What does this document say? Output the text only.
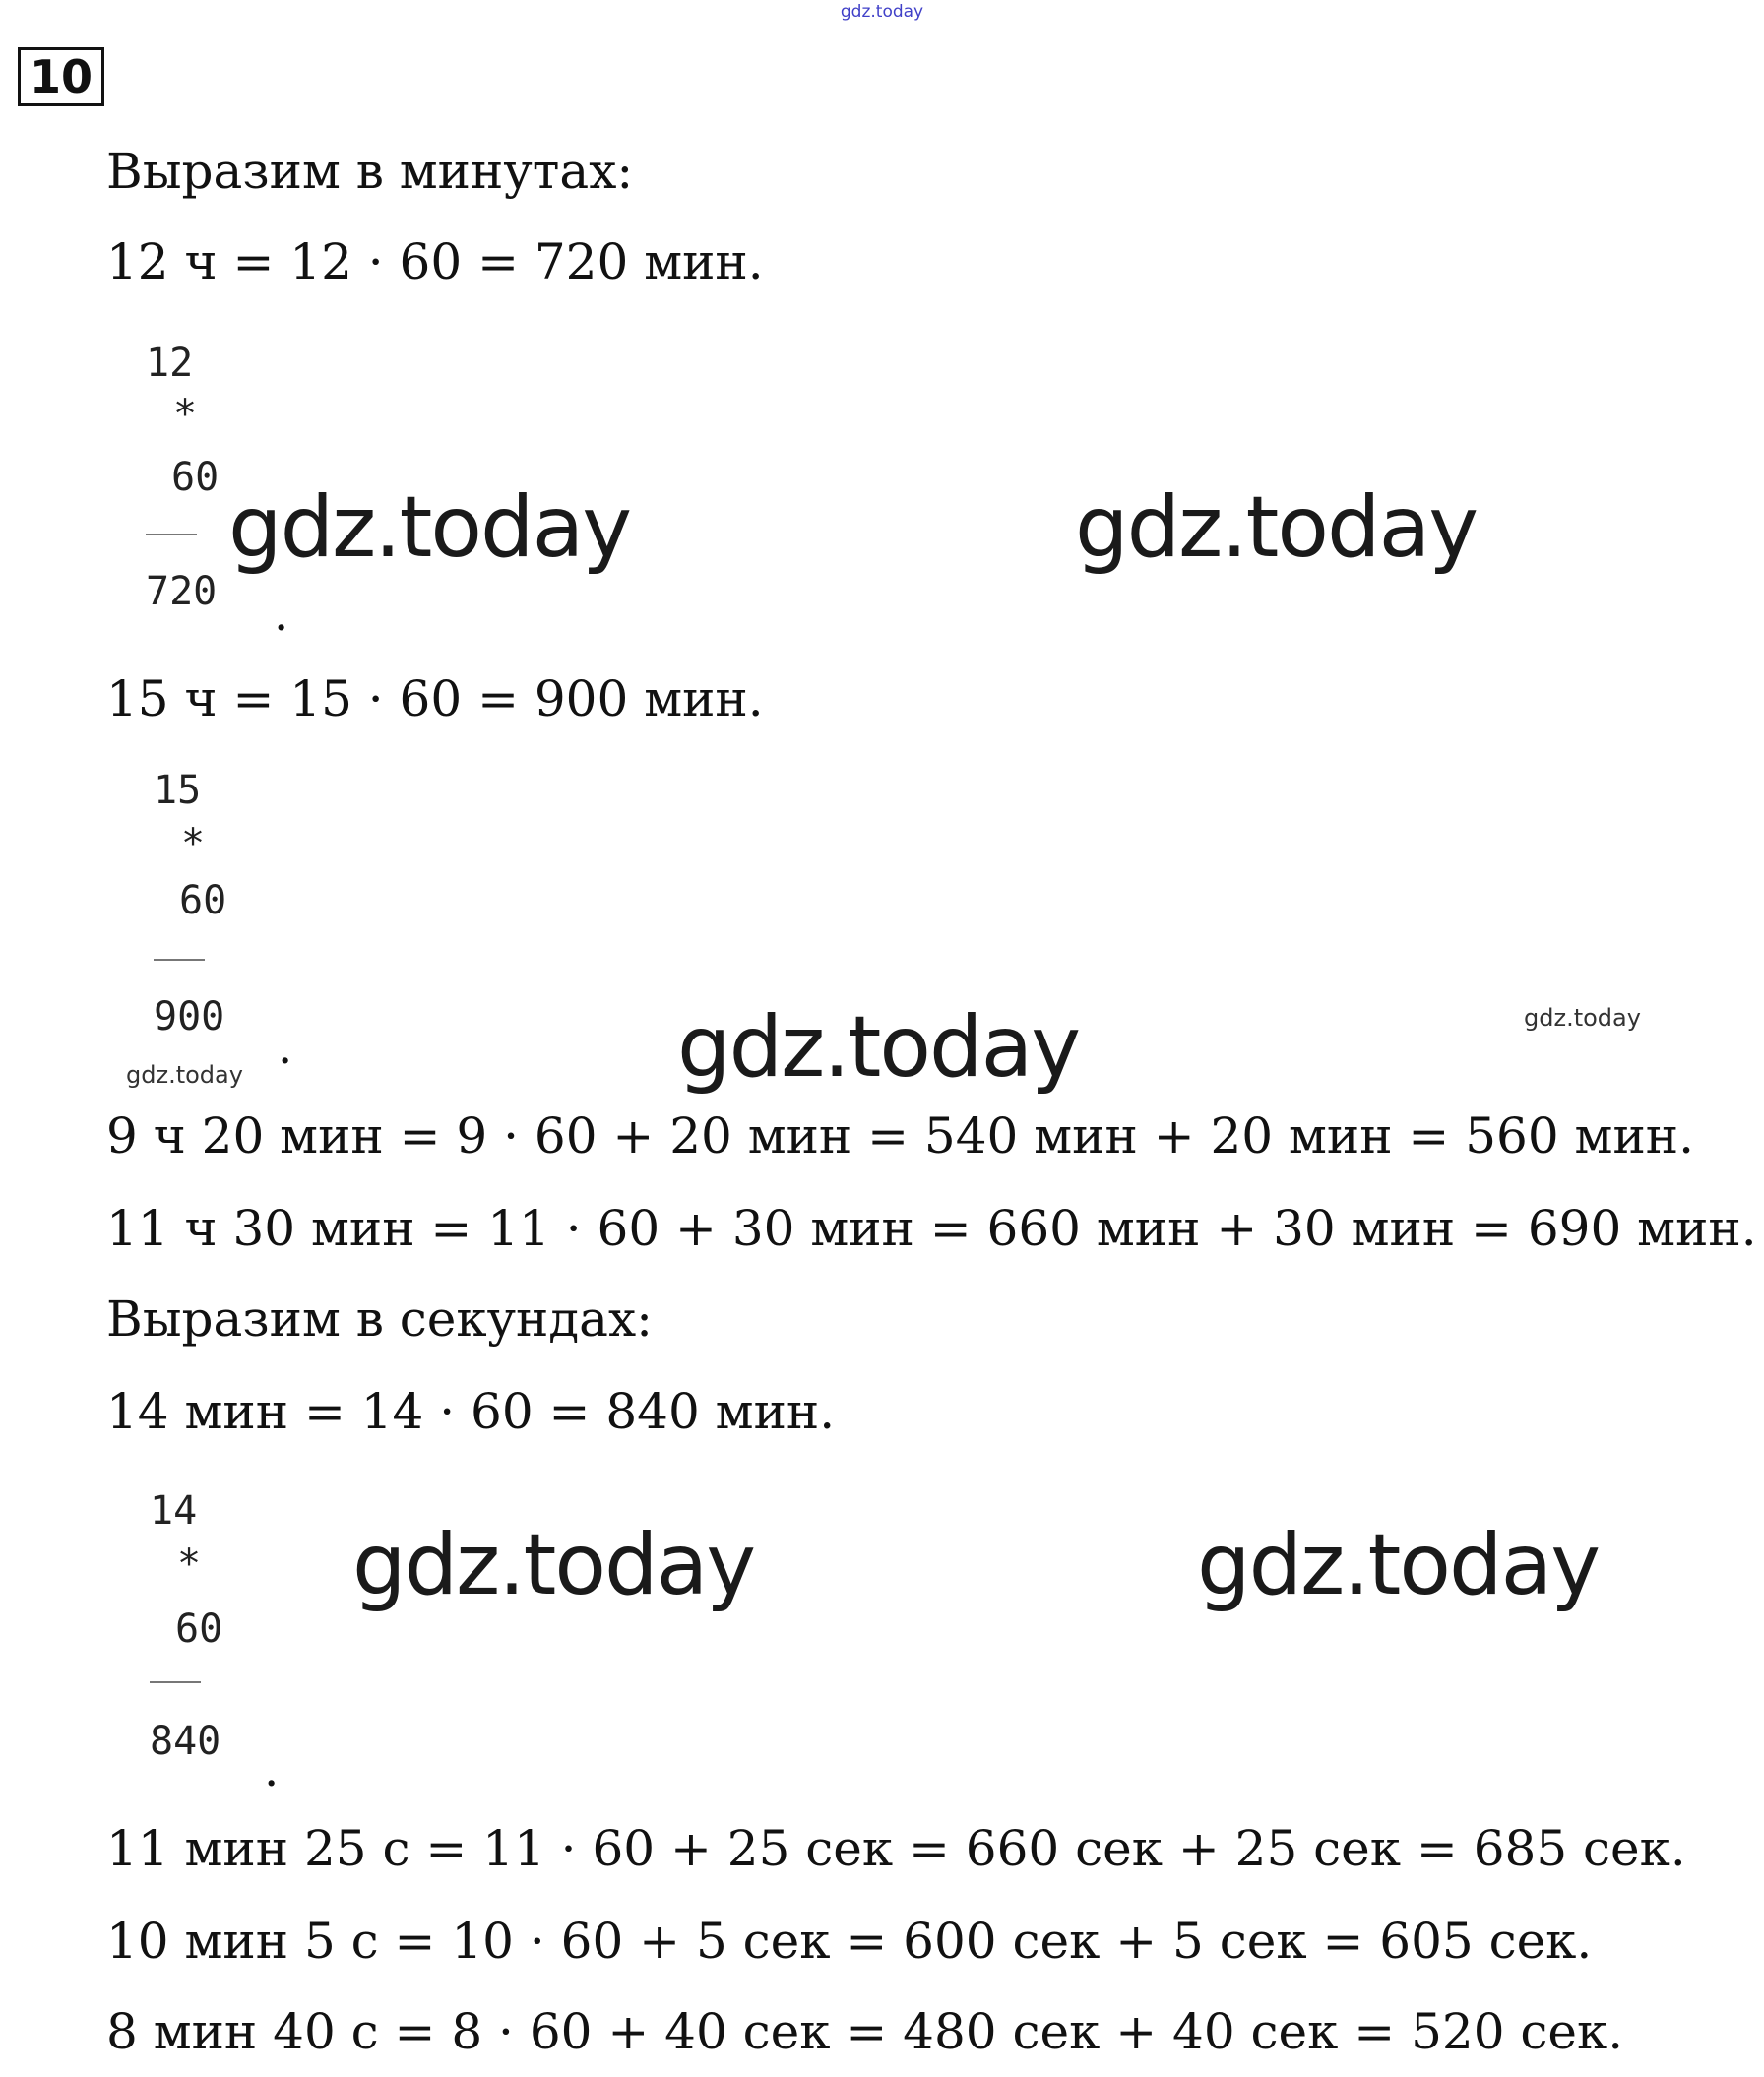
gdz.today
10
Выразим в минутах:
12 ч = 12 · 60 = 720 мин.
12
*
60
720 .
15 ч = 15 · 60 = 900 мин.
15
*
60
900
.
9 ч 20 мин = 9 · 60 + 20 мин = 540 мин + 20 мин = 560 мин.
11 ч 30 мин = 11 · 60 + 30 мин = 660 мин + 30 мин = 690 мин.
Выразим в секундах:
14 мин = 14 · 60 = 840 мин.
14
*
60
840
.
11 мин 25 с = 11 · 60 + 25 сек = 660 сек + 25 сек = 685 сек.
10 мин 5 с = 10 · 60 + 5 сек = 600 сек + 5 сек = 605 сек.
8 мин 40 с = 8 · 60 + 40 сек = 480 сек + 40 сек = 520 сек.
gdz.today	gdz.today
gdz.today
gdz.today	gdz.today
gdz.today
gdz.today
